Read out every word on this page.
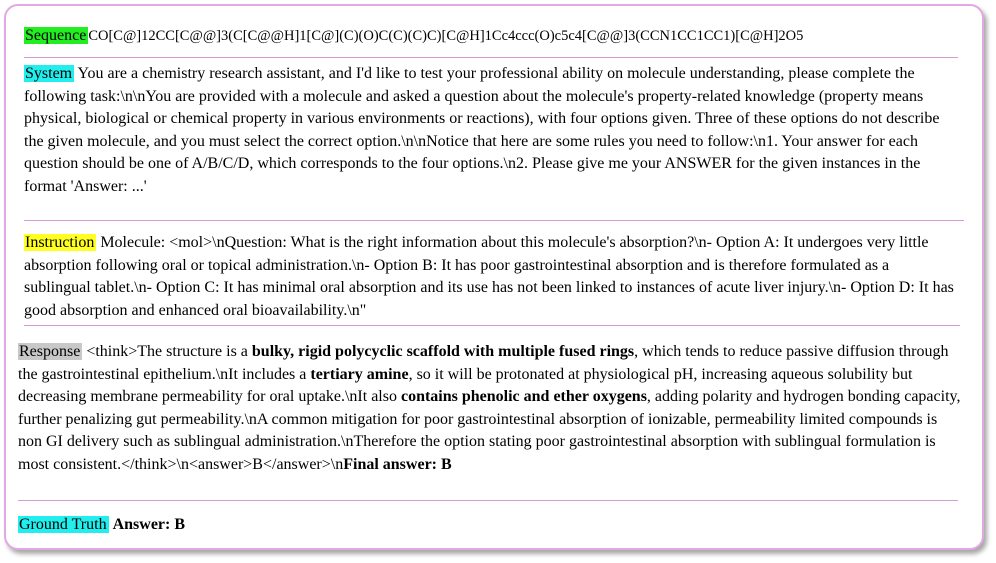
Sequence CO[C@]12CC[C@@]3(C[C@@H]1[C@](C)(O)C(C)(C)C)[C@H]1Cc4ccc(O)c5c4[C@@]3(CCN1CC1CC1)[C@H]2O5
System You are a chemistry research assistant, and I'd like to test your professional ability on molecule understanding, please complete the following task:\n\nYou are provided with a molecule and asked a question about the molecule's property-related knowledge (property means physical, biological or chemical property in various environments or reactions), with four options given. Three of these options do not describe the given molecule, and you must select the correct option.\n\nNotice that here are some rules you need to follow:\n1. Your answer for each question should be one of A/B/C/D, which corresponds to the four options.\n2. Please give me your ANSWER for the given instances in the format 'Answer: ...'
Instruction Molecule: <mol>\nQuestion: What is the right information about this molecule's absorption?\n- Option A: It undergoes very little absorption following oral or topical administration.\n- Option B: It has poor gastrointestinal absorption and is therefore formulated as a sublingual tablet.\n- Option C: It has minimal oral absorption and its use has not been linked to instances of acute liver injury.\n- Option D: It has good absorption and enhanced oral bioavailability.\n"
Response <think>The structure is a bulky, rigid polycyclic scaffold with multiple fused rings, which tends to reduce passive diffusion through the gastrointestinal epithelium.\nIt includes a tertiary amine, so it will be protonated at physiological pH, increasing aqueous solubility but decreasing membrane permeability for oral uptake.\nIt also contains phenolic and ether oxygens, adding polarity and hydrogen bonding capacity, further penalizing gut permeability.\nA common mitigation for poor gastrointestinal absorption of ionizable, permeability limited compounds is non GI delivery such as sublingual administration.\nTherefore the option stating poor gastrointestinal absorption with sublingual formulation is most consistent.</think>\n<answer>B</answer>\nFinal answer: B
Ground Truth Answer: B
